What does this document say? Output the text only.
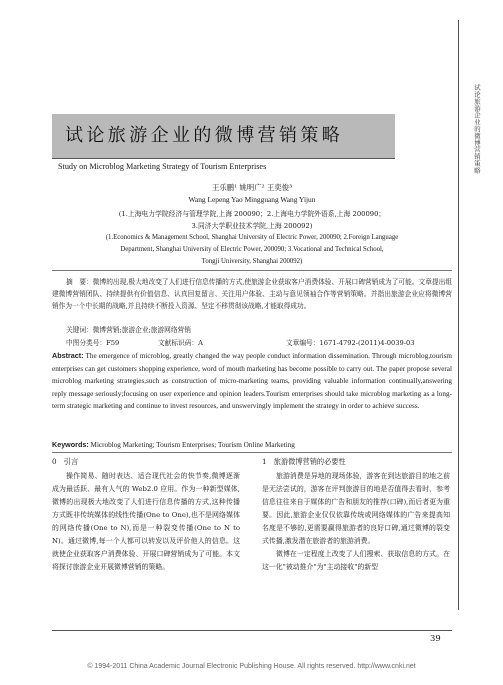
试论旅游企业的微博营销策略
试论旅游企业的微博营销策略
Study on Microblog Marketing Strategy of Tourism Enterprises
王乐鹏¹ 姚明广² 王奕俊³
Wang Lepeng Yao Mingguang Wang Yijun
(1.上海电力学院经济与管理学院,上海 200090；2.上海电力学院外语系,上海 200090；
3.同济大学职业技术学院,上海 200092)
(1.Economics & Management School, Shanghai University of Electric Power, 200090; 2.Foreign Language
Department, Shanghai University of Electric Power, 200090; 3.Vocational and Technical School,
Tongji University, Shanghai 200092)
摘　要：微博的出现,极大地改变了人们进行信息传播的方式,使旅游企业获取客户消费体验、开展口碑营销成为了可能。文章提出组建微博营销团队、持续提供有价值信息、认真回复留言、关注用户体验、主动与意见领袖合作等营销策略。并指出旅游企业应将微博营销作为一个中长期的战略,并且持续不断投入资源、坚定不移贯彻该战略,才能取得成功。
关键词：微博营销;旅游企业;旅游网络营销
中图分类号：F59	文献标识码：A	文章编号：1671-4792-(2011)4-0039-03
Abstract: The emergence of microblog, greatly changed the way people conduct information dissemination. Through microblog,tourism enterprises can get customers shopping experience, word of mouth marketing has become possible to carry out. The paper propose several microblog marketing strategies,such as construction of micro-marketing teams, providing valuable information continually,answering reply message seriously;focusing on user experience and opinion leaders.Tourism enterprises should take microblog marketing as a long-term strategic marketing and continue to invest resources, and unswervingly implement the strategy in order to achieve success.
Keywords: Microblog Marketing; Tourism Enterprises; Tourism Online Marketing
0　引言

操作简易、随时表达、适合现代社会的快节奏,微博逐渐成为最活跃、最有人气的 Web2.0 应用。作为一种新型媒体,微博的出现极大地改变了人们进行信息传播的方式,这种传播方式既非传统媒体的线性传播(One to One),也不是网络媒体的网络传播(One to N),而是一种裂变传播(One to N to N)。通过微博,每一个人都可以转发以及评价他人的信息。这就使企业获取客户消费体验、开展口碑营销成为了可能。本文将探讨旅游企业开展微博营销的策略。

1　旅游微博营销的必要性

旅游消费是异地的现场体验，游客在到达旅游目的地之前是无法尝试的，游客在评判旅游目的地是否值得去看时，参考信息往往来自于媒体的广告和朋友的推荐(口碑),而后者更为重要。因此,旅游企业仅仅依靠传统或网络媒体的广告来提高知名度是不够的,更需要赢得旅游者的良好口碑,通过微博的裂变式传播,激发潜在旅游者的旅游消费。

微博在一定程度上改变了人们搜索、获取信息的方式。在这一化"被动推介"为"主动接收"的新型

39
© 1994-2011 China Academic Journal Electronic Publishing House. All rights reserved. http://www.cnki.net
